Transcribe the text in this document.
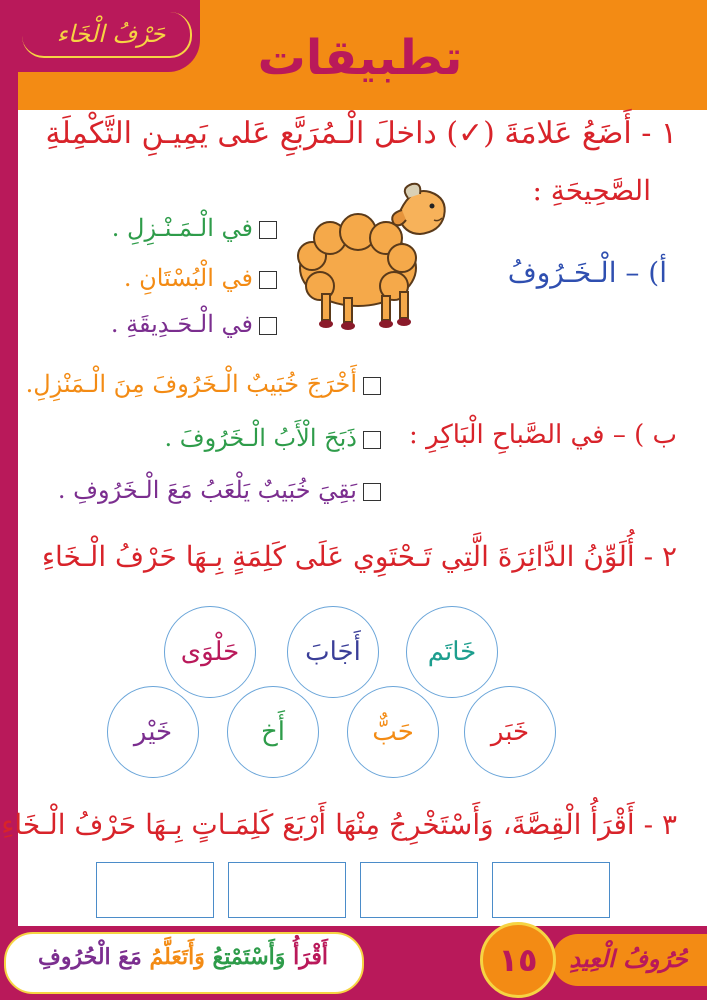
حَرْفُ الْخَاء	تطبيقات
١ - أَضَعُ عَلامَةَ (✓) داخلَ الْـمُرَبَّعِ عَلى يَمِيـنِ التَّكْمِلَةِ
الصَّحِيحَةِ :
أ) – الْـخَـرُوفُ
في الْـمَـنْـزِلِ .
في الْبُسْتَانِ .
في الْـحَـدِيقَةِ .
أَخْرَجَ خُبَيبٌ الْـخَرُوفَ مِنَ الْـمَنْزِلِ.
ب ) – في الصَّباحِ الْبَاكِرِ :
ذَبَحَ الْأَبُ الْـخَرُوفَ .
بَقِيَ خُبَيبٌ يَلْعَبُ مَعَ الْـخَرُوفِ .
٢ - أُلَوِّنُ الدَّائِرَةَ الَّتِي تَـحْتَوِي عَلَى كَلِمَةٍ بِـهَا حَرْفُ الْـخَاءِ
خَاتَم
أَجَابَ
حَلْوَى
خَبَر
حَبٌّ
أَخ
خَيْر
٣ - أَقْرَأُ الْقِصَّةَ، وَأَسْتَخْرِجُ مِنْهَا أَرْبَعَ كَلِمَـاتٍ بِـهَا حَرْفُ الْـخَاءِ
أَقْرَأُ وَأَسْتَمْتِعُ وَأَتَعَلَّمُ مَعَ الْحُرُوفِ	حُرُوفُ الْعِيدِ
١٥
